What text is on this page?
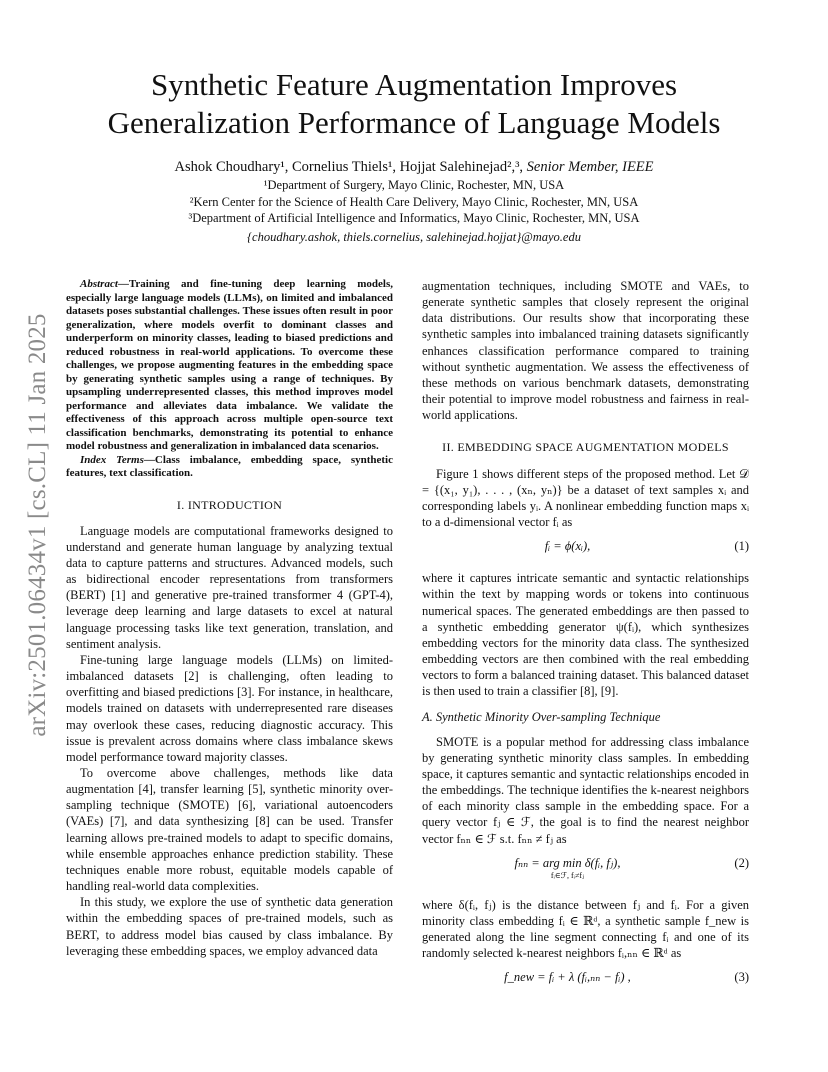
arXiv:2501.06434v1 [cs.CL] 11 Jan 2025
Synthetic Feature Augmentation Improves
Generalization Performance of Language Models
Ashok Choudhary¹, Cornelius Thiels¹, Hojjat Salehinejad²,³, Senior Member, IEEE
¹Department of Surgery, Mayo Clinic, Rochester, MN, USA
²Kern Center for the Science of Health Care Delivery, Mayo Clinic, Rochester, MN, USA
³Department of Artificial Intelligence and Informatics, Mayo Clinic, Rochester, MN, USA
{choudhary.ashok, thiels.cornelius, salehinejad.hojjat}@mayo.edu

Abstract—Training and fine-tuning deep learning models, especially large language models (LLMs), on limited and imbalanced datasets poses substantial challenges. These issues often result in poor generalization, where models overfit to dominant classes and underperform on minority classes, leading to biased predictions and reduced robustness in real-world applications. To overcome these challenges, we propose augmenting features in the embedding space by generating synthetic samples using a range of techniques. By upsampling underrepresented classes, this method improves model performance and alleviates data imbalance. We validate the effectiveness of this approach across multiple open-source text classification benchmarks, demonstrating its potential to enhance model robustness and generalization in imbalanced data scenarios.

Index Terms—Class imbalance, embedding space, synthetic features, text classification.

I. INTRODUCTION

Language models are computational frameworks designed to understand and generate human language by analyzing textual data to capture patterns and structures. Advanced models, such as bidirectional encoder representations from transformers (BERT) [1] and generative pre-trained transformer 4 (GPT-4), leverage deep learning and large datasets to excel at natural language processing tasks like text generation, translation, and sentiment analysis.

Fine-tuning large language models (LLMs) on limited-imbalanced datasets [2] is challenging, often leading to overfitting and biased predictions [3]. For instance, in healthcare, models trained on datasets with underrepresented rare diseases may overlook these cases, reducing diagnostic accuracy. This issue is prevalent across domains where class imbalance skews model performance toward majority classes.

To overcome above challenges, methods like data augmentation [4], transfer learning [5], synthetic minority over-sampling technique (SMOTE) [6], variational autoencoders (VAEs) [7], and data synthesizing [8] can be used. Transfer learning allows pre-trained models to adapt to specific domains, while ensemble approaches enhance prediction stability. These techniques enable more robust, equitable models capable of handling real-world data complexities.

In this study, we explore the use of synthetic data generation within the embedding spaces of pre-trained models, such as BERT, to address model bias caused by class imbalance. By leveraging these embedding spaces, we employ advanced data

augmentation techniques, including SMOTE and VAEs, to generate synthetic samples that closely represent the original data distributions. Our results show that incorporating these synthetic samples into imbalanced training datasets significantly enhances classification performance compared to training without synthetic augmentation. We assess the effectiveness of these methods on various benchmark datasets, demonstrating their potential to improve model robustness and fairness in real-world applications.

II. EMBEDDING SPACE AUGMENTATION MODELS

Figure 1 shows different steps of the proposed method. Let 𝒟 = {(x₁, y₁), . . . , (xₙ, yₙ)} be a dataset of text samples xᵢ and corresponding labels yᵢ. A nonlinear embedding function maps xᵢ to a d-dimensional vector fᵢ as

fᵢ = ϕ(xᵢ),	(1)

where it captures intricate semantic and syntactic relationships within the text by mapping words or tokens into continuous numerical spaces. The generated embeddings are then passed to a synthetic embedding generator ψ(fᵢ), which synthesizes embedding vectors for the minority data class. The synthesized embedding vectors are then combined with the real embedding vectors to form a balanced training dataset. This balanced dataset is then used to train a classifier [8], [9].

A. Synthetic Minority Over-sampling Technique

SMOTE is a popular method for addressing class imbalance by generating synthetic minority class samples. In embedding space, it captures semantic and syntactic relationships encoded in the embeddings. The technique identifies the k-nearest neighbors of each minority class sample in the embedding space. For a query vector fⱼ ∈ ℱ, the goal is to find the nearest neighbor vector fₙₙ ∈ ℱ s.t. fₙₙ ≠ fⱼ as

fₙₙ = arg min δ(fᵢ, fⱼ),
fᵢ∈ℱ, fᵢ≠fⱼ
(2)

where δ(fᵢ, fⱼ) is the distance between fⱼ and fᵢ. For a given minority class embedding fᵢ ∈ ℝᵈ, a synthetic sample f_new is generated along the line segment connecting fᵢ and one of its randomly selected k-nearest neighbors fᵢ,ₙₙ ∈ ℝᵈ as

f_new = fᵢ + λ (fᵢ,ₙₙ − fᵢ) ,	(3)
